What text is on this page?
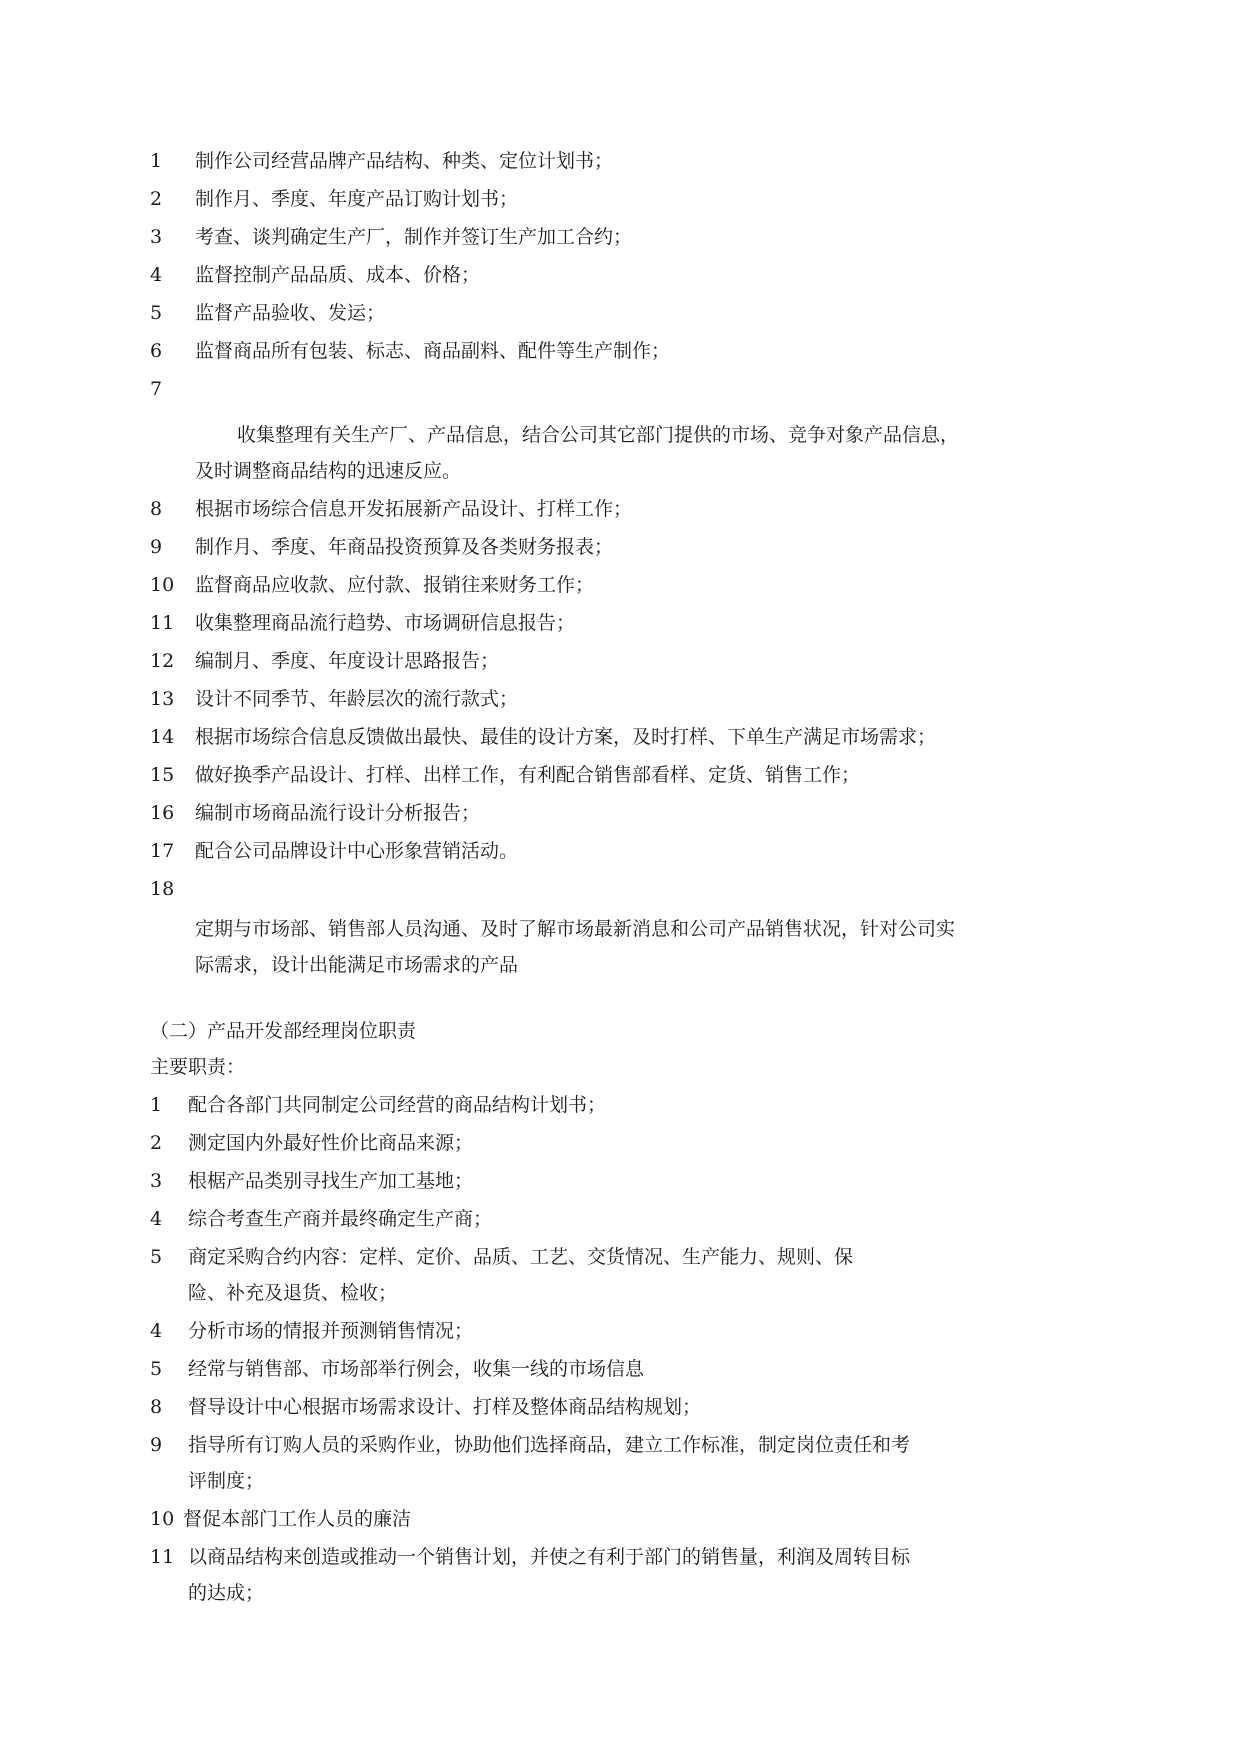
1 制作公司经营品牌产品结构、种类、定位计划书；
2 制作月、季度、年度产品订购计划书；
3 考查、谈判确定生产厂，制作并签订生产加工合约；
4 监督控制产品品质、成本、价格；
5 监督产品验收、发运；
6 监督商品所有包装、标志、商品副料、配件等生产制作；
7
收集整理有关生产厂、产品信息，结合公司其它部门提供的市场、竞争对象产品信息，
及时调整商品结构的迅速反应。
8 根据市场综合信息开发拓展新产品设计、打样工作；
9 制作月、季度、年商品投资预算及各类财务报表；
10 监督商品应收款、应付款、报销往来财务工作；
11 收集整理商品流行趋势、市场调研信息报告；
12 编制月、季度、年度设计思路报告；
13 设计不同季节、年龄层次的流行款式；
14 根据市场综合信息反馈做出最快、最佳的设计方案，及时打样、下单生产满足市场需求；
15 做好换季产品设计、打样、出样工作，有利配合销售部看样、定货、销售工作；
16 编制市场商品流行设计分析报告；
17 配合公司品牌设计中心形象营销活动。
18
定期与市场部、销售部人员沟通、及时了解市场最新消息和公司产品销售状况，针对公司实
际需求，设计出能满足市场需求的产品
（二）产品开发部经理岗位职责
主要职责：
1 配合各部门共同制定公司经营的商品结构计划书；
2 测定国内外最好性价比商品来源；
3 根椐产品类别寻找生产加工基地；
4 综合考查生产商并最终确定生产商；
5 商定采购合约内容：定样、定价、品质、工艺、交货情况、生产能力、规则、保
险、补充及退货、检收；
4 分析市场的情报并预测销售情况；
5 经常与销售部、市场部举行例会，收集一线的市场信息
8 督导设计中心根据市场需求设计、打样及整体商品结构规划；
9 指导所有订购人员的采购作业，协助他们选择商品，建立工作标准，制定岗位责任和考
评制度；
10 督促本部门工作人员的廉洁
11 以商品结构来创造或推动一个销售计划，并使之有利于部门的销售量，利润及周转目标
的达成；
